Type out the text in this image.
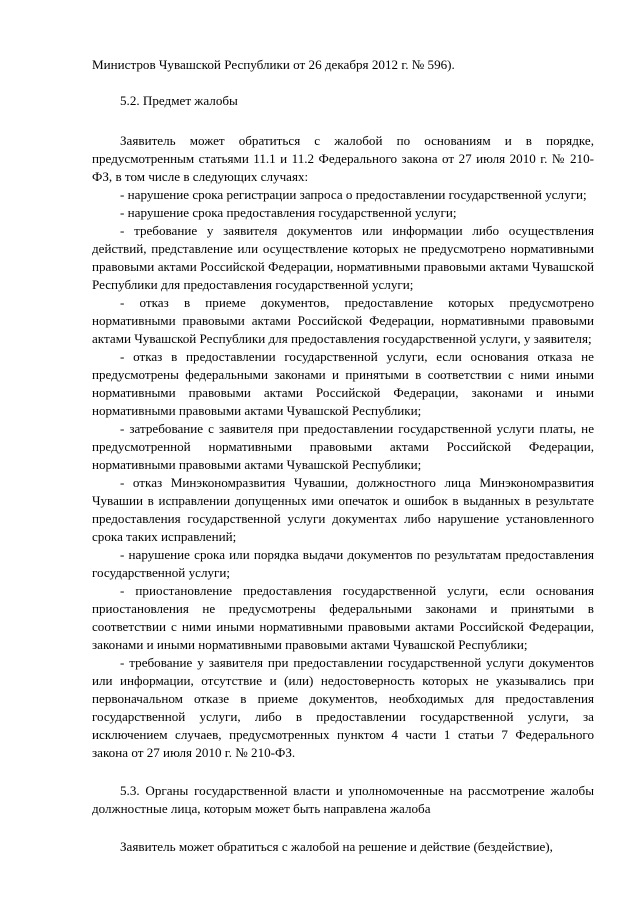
Министров Чувашской Республики от 26 декабря 2012 г. № 596).

5.2. Предмет жалобы

Заявитель может обратиться с жалобой по основаниям и в порядке, предусмотренным статьями 11.1 и 11.2 Федерального закона от 27 июля 2010 г. № 210-ФЗ, в том числе в следующих случаях:

- нарушение срока регистрации запроса о предоставлении государственной услуги;

- нарушение срока предоставления государственной услуги;

- требование у заявителя документов или информации либо осуществления действий, представление или осуществление которых не предусмотрено нормативными правовыми актами Российской Федерации, нормативными правовыми актами Чувашской Республики для предоставления государственной услуги;

- отказ в приеме документов, предоставление которых предусмотрено нормативными правовыми актами Российской Федерации, нормативными правовыми актами Чувашской Республики для предоставления государственной услуги, у заявителя;

- отказ в предоставлении государственной услуги, если основания отказа не предусмотрены федеральными законами и принятыми в соответствии с ними иными нормативными правовыми актами Российской Федерации, законами и иными нормативными правовыми актами Чувашской Республики;

- затребование с заявителя при предоставлении государственной услуги платы, не предусмотренной нормативными правовыми актами Российской Федерации, нормативными правовыми актами Чувашской Республики;

- отказ Минэкономразвития Чувашии, должностного лица Минэкономразвития Чувашии в исправлении допущенных ими опечаток и ошибок в выданных в результате предоставления государственной услуги документах либо нарушение установленного срока таких исправлений;

- нарушение срока или порядка выдачи документов по результатам предоставления государственной услуги;

- приостановление предоставления государственной услуги, если основания приостановления не предусмотрены федеральными законами и принятыми в соответствии с ними иными нормативными правовыми актами Российской Федерации, законами и иными нормативными правовыми актами Чувашской Республики;

- требование у заявителя при предоставлении государственной услуги документов или информации, отсутствие и (или) недостоверность которых не указывались при первоначальном отказе в приеме документов, необходимых для предоставления государственной услуги, либо в предоставлении государственной услуги, за исключением случаев, предусмотренных пунктом 4 части 1 статьи 7 Федерального закона от 27 июля 2010 г. № 210-ФЗ.

5.3. Органы государственной власти и уполномоченные на рассмотрение жалобы должностные лица, которым может быть направлена жалоба

Заявитель может обратиться с жалобой на решение и действие (бездействие),
